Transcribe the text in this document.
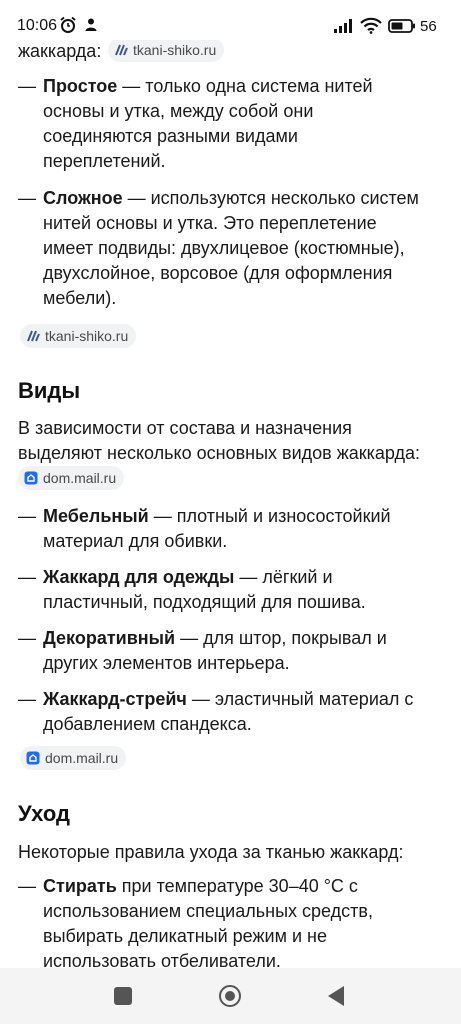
жаккарда: tkani-shiko.ru
— Простое — только одна система нитей
основы и утка, между собой они
соединяются разными видами
переплетений.
— Сложное — используются несколько систем
нитей основы и утка. Это переплетение
имеет подвиды: двухлицевое (костюмные),
двухслойное, ворсовое (для оформления
мебели).
tkani-shiko.ru
Виды
В зависимости от состава и назначения
выделяют несколько основных видов жаккарда:
dom.mail.ru
— Мебельный — плотный и износостойкий
материал для обивки.
— Жаккард для одежды — лёгкий и
пластичный, подходящий для пошива.
— Декоративный — для штор, покрывал и
других элементов интерьера.
— Жаккард-стрейч — эластичный материал с
добавлением спандекса.
dom.mail.ru
Уход
Некоторые правила ухода за тканью жаккард:
— Стирать при температуре 30–40 °C с
использованием специальных средств,
выбирать деликатный режим и не
использовать отбеливатели.
10:06	56
